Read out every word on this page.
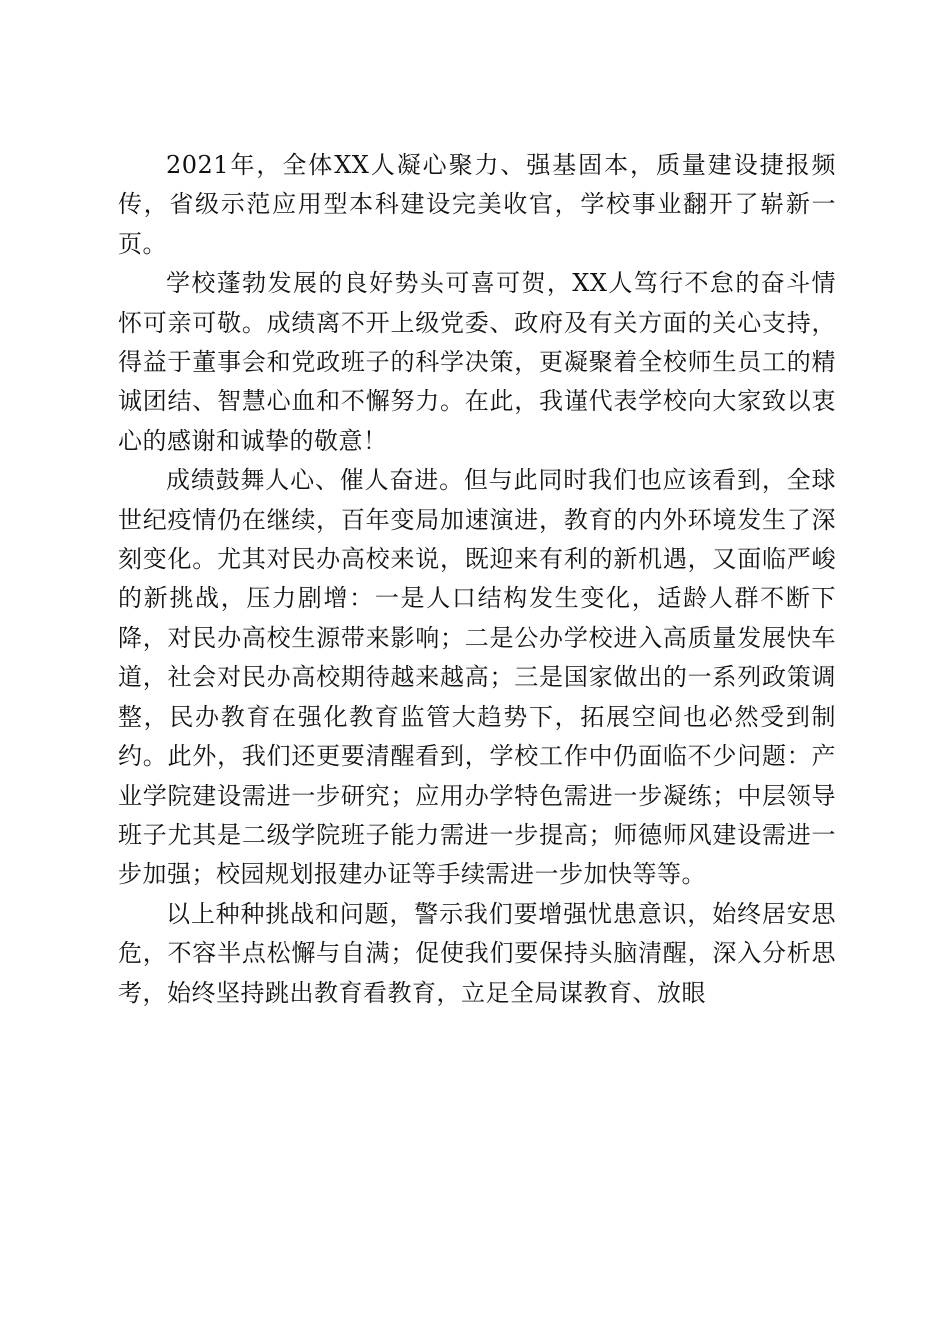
2021年，全体XX人凝心聚力、强基固本，质量建设捷报频传，省级示范应用型本科建设完美收官，学校事业翻开了崭新一页。

学校蓬勃发展的良好势头可喜可贺，XX人笃行不怠的奋斗情怀可亲可敬。成绩离不开上级党委、政府及有关方面的关心支持，得益于董事会和党政班子的科学决策，更凝聚着全校师生员工的精诚团结、智慧心血和不懈努力。在此，我谨代表学校向大家致以衷心的感谢和诚挚的敬意！

成绩鼓舞人心、催人奋进。但与此同时我们也应该看到，全球世纪疫情仍在继续，百年变局加速演进，教育的内外环境发生了深刻变化。尤其对民办高校来说，既迎来有利的新机遇，又面临严峻的新挑战，压力剧增：一是人口结构发生变化，适龄人群不断下降，对民办高校生源带来影响；二是公办学校进入高质量发展快车道，社会对民办高校期待越来越高；三是国家做出的一系列政策调整，民办教育在强化教育监管大趋势下，拓展空间也必然受到制约。此外，我们还更要清醒看到，学校工作中仍面临不少问题：产业学院建设需进一步研究；应用办学特色需进一步凝练；中层领导班子尤其是二级学院班子能力需进一步提高；师德师风建设需进一步加强；校园规划报建办证等手续需进一步加快等等。

以上种种挑战和问题，警示我们要增强忧患意识，始终居安思危，不容半点松懈与自满；促使我们要保持头脑清醒，深入分析思考，始终坚持跳出教育看教育，立足全局谋教育、放眼
